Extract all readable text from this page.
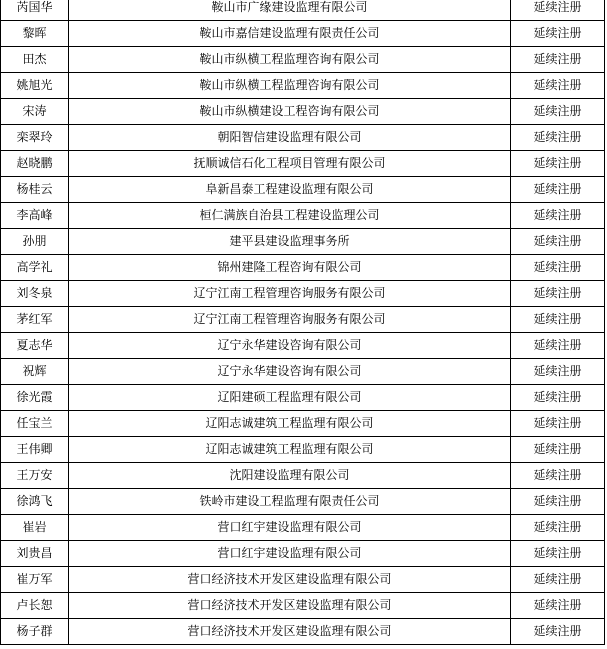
芮国华	鞍山市广缘建设监理有限公司	延续注册
黎晖	鞍山市嘉信建设监理有限责任公司	延续注册
田杰	鞍山市纵横工程监理咨询有限公司	延续注册
姚旭光	鞍山市纵横工程监理咨询有限公司	延续注册
宋涛	鞍山市纵横建设工程咨询有限公司	延续注册
栾翠玲	朝阳智信建设监理有限公司	延续注册
赵晓鹏	抚顺诚信石化工程项目管理有限公司	延续注册
杨桂云	阜新昌泰工程建设监理有限公司	延续注册
李高峰	桓仁满族自治县工程建设监理公司	延续注册
孙朋	建平县建设监理事务所	延续注册
高学礼	锦州建隆工程咨询有限公司	延续注册
刘冬泉	辽宁江南工程管理咨询服务有限公司	延续注册
茅红军	辽宁江南工程管理咨询服务有限公司	延续注册
夏志华	辽宁永华建设咨询有限公司	延续注册
祝辉	辽宁永华建设咨询有限公司	延续注册
徐光霞	辽阳建硕工程监理有限公司	延续注册
任宝兰	辽阳志诚建筑工程监理有限公司	延续注册
王伟卿	辽阳志诚建筑工程监理有限公司	延续注册
王万安	沈阳建设监理有限公司	延续注册
徐鸿飞	铁岭市建设工程监理有限责任公司	延续注册
崔岩	营口红宇建设监理有限公司	延续注册
刘贵昌	营口红宇建设监理有限公司	延续注册
崔万军	营口经济技术开发区建设监理有限公司	延续注册
卢长恕	营口经济技术开发区建设监理有限公司	延续注册
杨子群	营口经济技术开发区建设监理有限公司	延续注册
